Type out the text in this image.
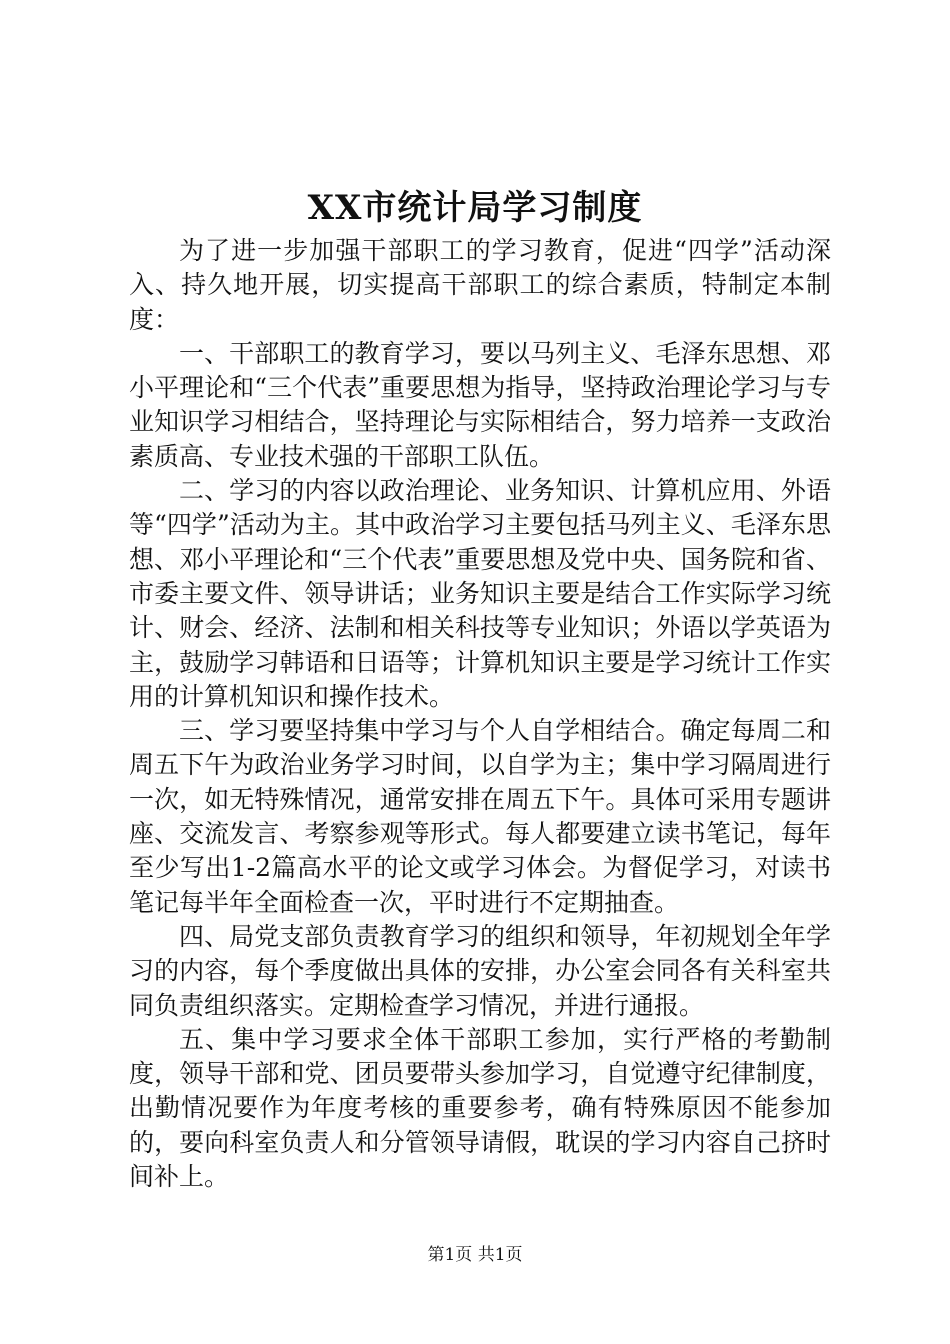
XX市统计局学习制度

为了进一步加强干部职工的学习教育，促进“四学”活动深入、持久地开展，切实提高干部职工的综合素质，特制定本制度：

一、干部职工的教育学习，要以马列主义、毛泽东思想、邓小平理论和“三个代表”重要思想为指导，坚持政治理论学习与专业知识学习相结合，坚持理论与实际相结合，努力培养一支政治素质高、专业技术强的干部职工队伍。

二、学习的内容以政治理论、业务知识、计算机应用、外语等“四学”活动为主。其中政治学习主要包括马列主义、毛泽东思想、邓小平理论和“三个代表”重要思想及党中央、国务院和省、市委主要文件、领导讲话；业务知识主要是结合工作实际学习统计、财会、经济、法制和相关科技等专业知识；外语以学英语为主，鼓励学习韩语和日语等；计算机知识主要是学习统计工作实用的计算机知识和操作技术。

三、学习要坚持集中学习与个人自学相结合。确定每周二和周五下午为政治业务学习时间，以自学为主；集中学习隔周进行一次，如无特殊情况，通常安排在周五下午。具体可采用专题讲座、交流发言、考察参观等形式。每人都要建立读书笔记，每年至少写出1-2篇高水平的论文或学习体会。为督促学习，对读书笔记每半年全面检查一次，平时进行不定期抽查。

四、局党支部负责教育学习的组织和领导，年初规划全年学习的内容，每个季度做出具体的安排，办公室会同各有关科室共同负责组织落实。定期检查学习情况，并进行通报。

五、集中学习要求全体干部职工参加，实行严格的考勤制度，领导干部和党、团员要带头参加学习，自觉遵守纪律制度，出勤情况要作为年度考核的重要参考，确有特殊原因不能参加的，要向科室负责人和分管领导请假，耽误的学习内容自己挤时间补上。

第1页 共1页
